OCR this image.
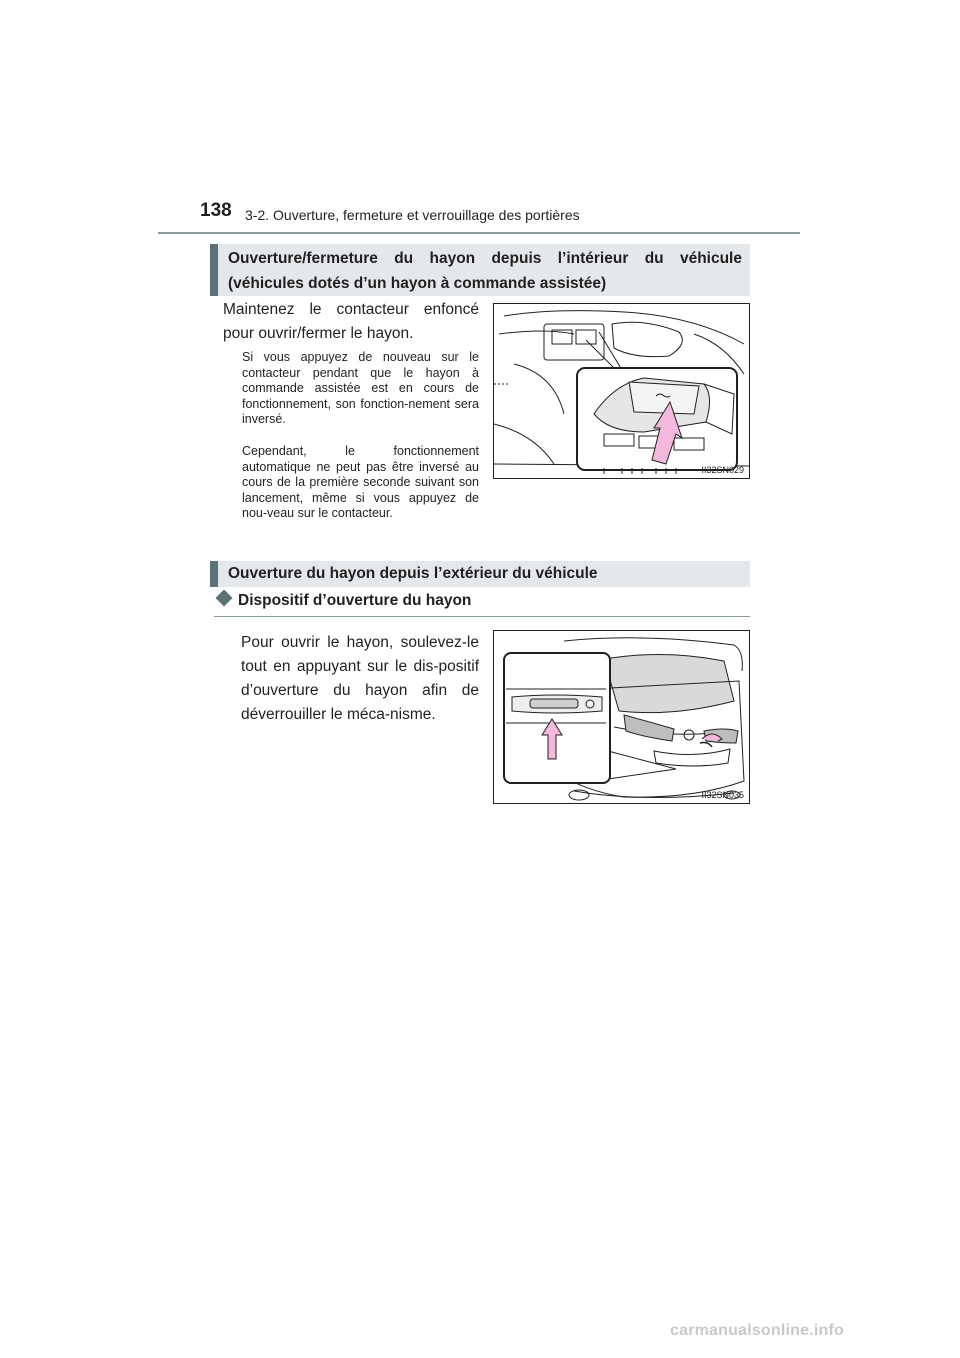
138 3-2. Ouverture, fermeture et verrouillage des portières
Ouverture/fermeture du hayon depuis l’intérieur du véhicule
(véhicules dotés d’un hayon à commande assistée)
Maintenez le contacteur enfoncé pour ouvrir/fermer le hayon.
Si vous appuyez de nouveau sur le contacteur pendant que le hayon à commande assistée est en cours de fonctionnement, son fonction-nement sera inversé.
Cependant, le fonctionnement automatique ne peut pas être inversé au cours de la première seconde suivant son lancement, même si vous appuyez de nou-veau sur le contacteur.
II32SN029
Ouverture du hayon depuis l’extérieur du véhicule
Dispositif d’ouverture du hayon
Pour ouvrir le hayon, soulevez-le tout en appuyant sur le dis-positif d’ouverture du hayon afin de déverrouiller le méca-nisme.
II32SN035
carmanualsonline.info
